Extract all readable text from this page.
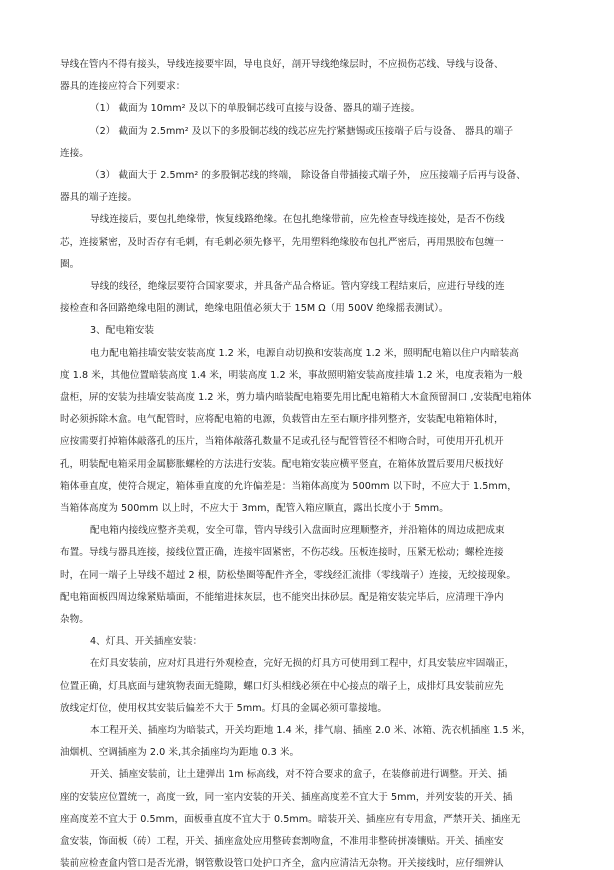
导线在管内不得有接头，导线连接要牢固，导电良好，剖开导线绝缘层时，不应损伤芯线、导线与设备、
器具的连接应符合下列要求：
（1） 截面为 10mm² 及以下的单股铜芯线可直接与设备、器具的端子连接。
（2） 截面为 2.5mm² 及以下的多股铜芯线的线芯应先拧紧搪锡或压接端子后与设备、 器具的端子
连接。
（3） 截面大于 2.5mm² 的多股铜芯线的终端， 除设备自带插接式端子外， 应压接端子后再与设备、
器具的端子连接。
导线连接后，要包扎绝缘带，恢复线路绝缘。在包扎绝缘带前，应先检查导线连接处，是否不伤线
芯，连接紧密，及时否存有毛刺，有毛刺必须先修平，先用塑料绝缘胶布包扎严密后，再用黑胶布包缠一
圈。
导线的线径，绝缘层要符合国家要求，并具备产品合格证。管内穿线工程结束后，应进行导线的连
接检查和各回路绝缘电阻的测试，绝缘电阻值必须大于 15M Ω（用 500V 绝缘摇表测试）。
3、配电箱安装
电力配电箱挂墙安装安装高度 1.2 米，电源自动切换和安装高度 1.2 米，照明配电箱以住户内暗装高
度 1.8 米，其他位置暗装高度 1.4 米，明装高度 1.2 米，事故照明箱安装高度挂墙 1.2 米，电度表箱为一般
盘柜，屏的安装为挂墙安装高度 1.2 米，剪力墙内暗装配电箱要先用比配电箱稍大木盒预留洞口 ,安装配电箱体
时必须拆除木盒。电气配管时，应将配电箱的电源，负载管由左至右顺序排列整齐，安装配电箱箱体时，
应按需要打掉箱体敲落孔的压片，当箱体敲落孔数量不足或孔径与配管管径不相吻合时，可使用开孔机开
孔，明装配电箱采用金属膨胀螺栓的方法进行安装。配电箱安装应横平竖直，在箱体放置后要用尺板找好
箱体垂直度，使符合规定，箱体垂直度的允许偏差是：当箱体高度为 500mm 以下时，不应大于 1.5mm，
当箱体高度为 500mm 以上时，不应大于 3mm，配管入箱应顺直，露出长度小于 5mm。
配电箱内接线应整齐美观，安全可靠，管内导线引入盘面时应理顺整齐，并沿箱体的周边成把成束
布置。导线与器具连接，接线位置正确，连接牢固紧密，不伤芯线。压板连接时，压紧无松动；螺栓连接
时，在同一端子上导线不超过 2 根，防松垫圈等配件齐全，零线经汇流排（零线端子）连接，无绞接现象。
配电箱面板四周边缘紧贴墙面，不能缩进抹灰层，也不能突出抹砂层。配是箱安装完毕后，应清理干净内
杂物。
4、灯具、开关插座安装：
在灯具安装前，应对灯具进行外观检查，完好无损的灯具方可使用到工程中，灯具安装应牢固端正，
位置正确，灯具底面与建筑物表面无缝隙，螺口灯头相线必须在中心接点的端子上，成排灯具安装前应先
放线定灯位，使用权其安装后偏差不大于 5mm。灯具的金属必须可靠接地。
本工程开关、插座均为暗装式，开关均距地 1.4 米，排气扇、插座 2.0 米、冰箱、洗衣机插座 1.5 米，
油烟机、空调插座为 2.0 米,其余插座均为距地 0.3 米。
开关、插座安装前，让土建弹出 1m 标高线，对不符合要求的盒子，在装修前进行调整。开关、插
座的安装应位置统一，高度一致，同一室内安装的开关、插座高度差不宜大于 5mm，并列安装的开关、插
座高度差不宜大于 0.5mm，面板垂直度不宜大于 0.5mm。暗装开关、插座应有专用盒，严禁开关、插座无
盒安装，饰面板（砖）工程，开关、插座盒处应用整砖套割吻盒，不准用非整砖拼凑镶贴。开关、插座安
装前应检查盒内管口是否光滑，钢管敷设管口处护口齐全，盒内应清洁无杂物。开关接线时，应仔细辨认
